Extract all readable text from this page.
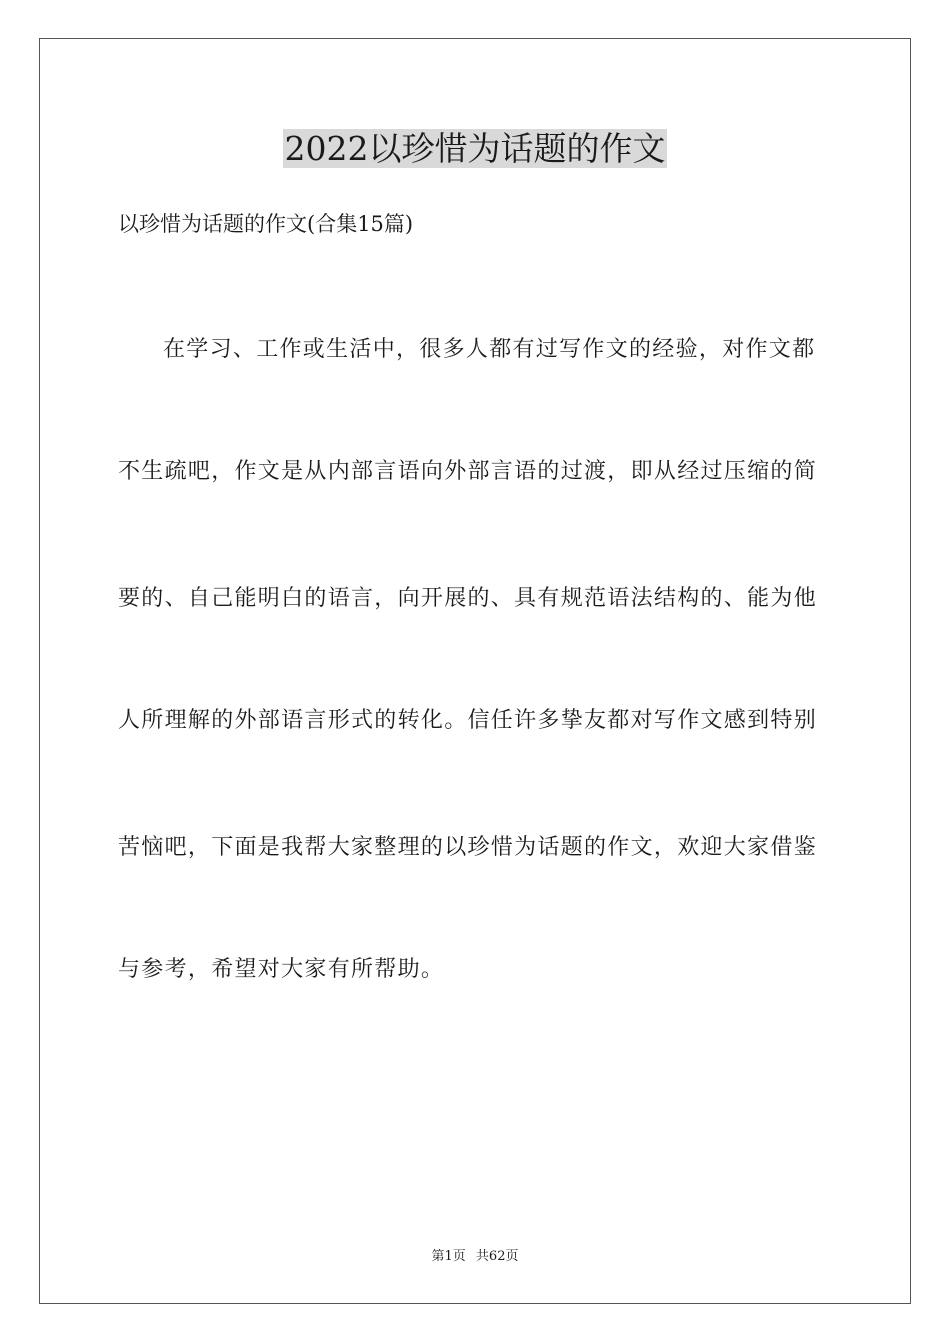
2022以珍惜为话题的作文
以珍惜为话题的作文(合集15篇)
在学习、工作或生活中，很多人都有过写作文的经验，对作文都
不生疏吧，作文是从内部言语向外部言语的过渡，即从经过压缩的简
要的、自己能明白的语言，向开展的、具有规范语法结构的、能为他
人所理解的外部语言形式的转化。信任许多挚友都对写作文感到特别
苦恼吧，下面是我帮大家整理的以珍惜为话题的作文，欢迎大家借鉴
与参考，希望对大家有所帮助。
第1页 共62页
